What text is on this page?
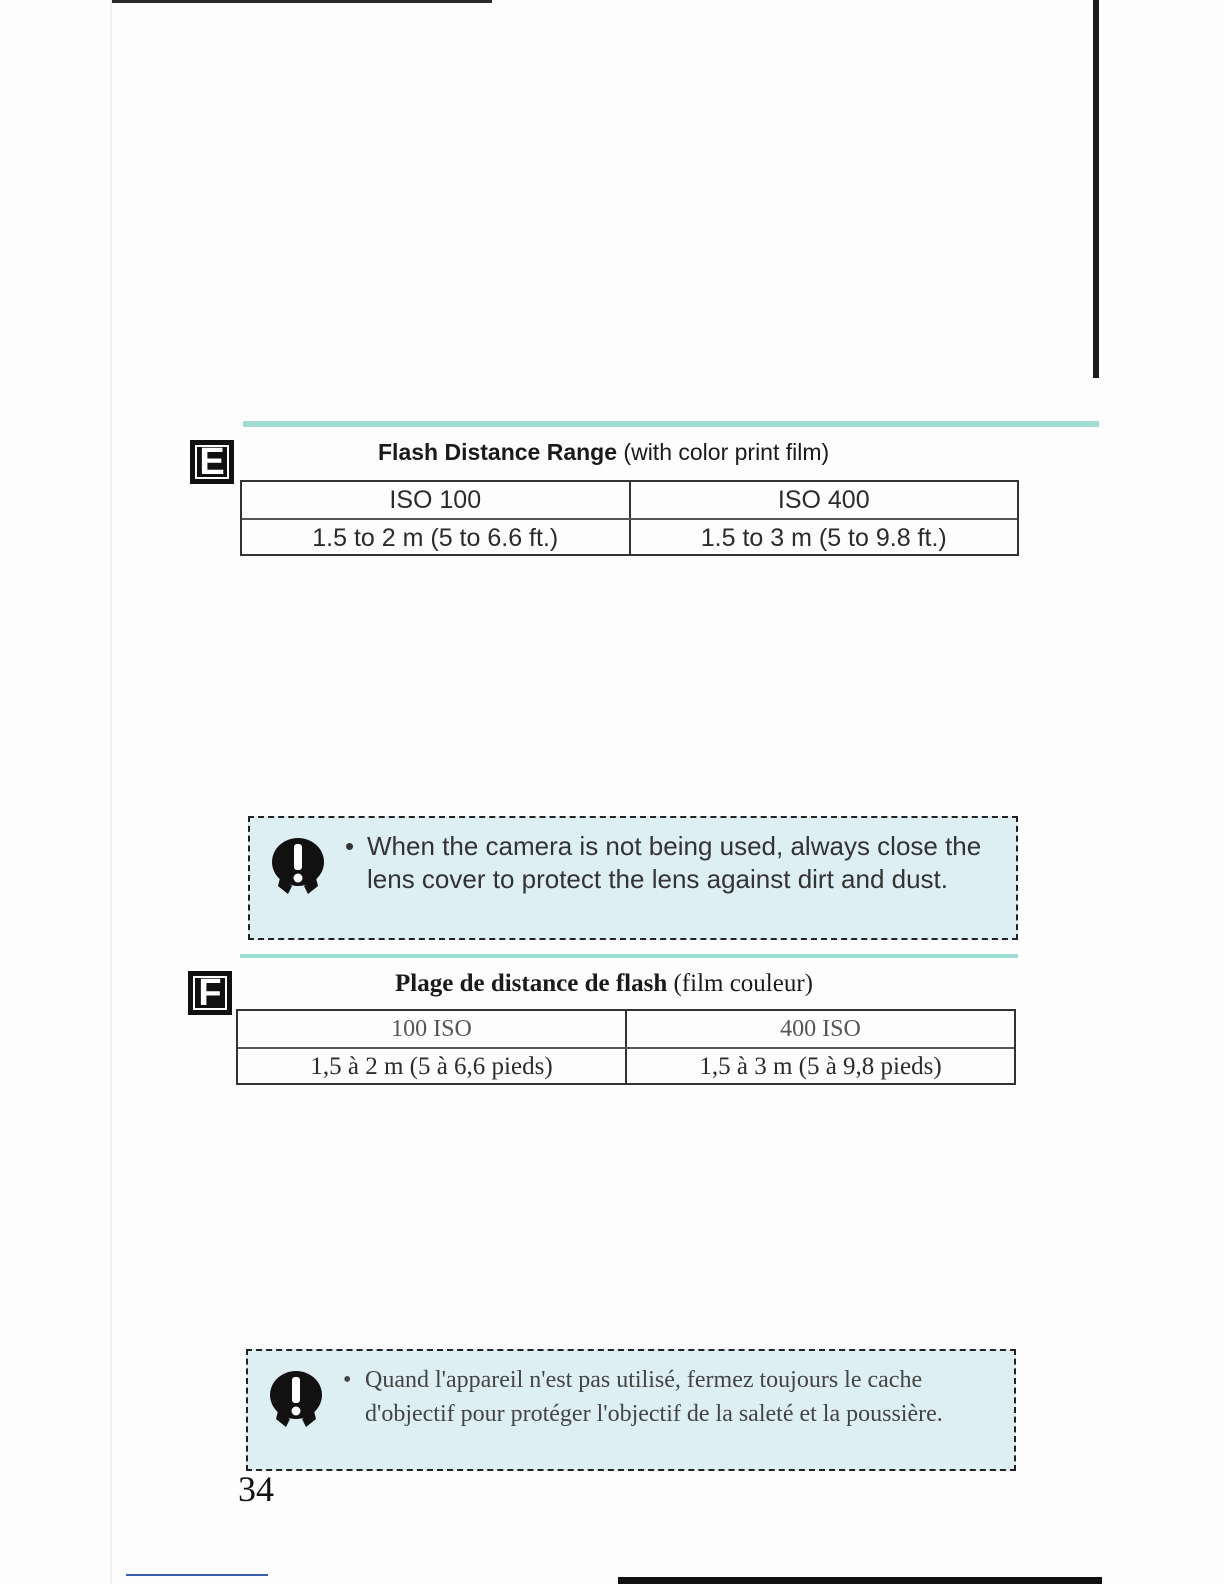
E	Flash Distance Range (with color print film)
ISO 100	ISO 400
1.5 to 2 m (5 to 6.6 ft.)	1.5 to 3 m (5 to 9.8 ft.)
• When the camera is not being used, always close the lens cover to protect the lens against dirt and dust.
F	Plage de distance de flash (film couleur)
100 ISO	400 ISO
1,5 à 2 m (5 à 6,6 pieds)	1,5 à 3 m (5 à 9,8 pieds)
• Quand l'appareil n'est pas utilisé, fermez toujours le cache d'objectif pour protéger l'objectif de la saleté et la poussière.
34
